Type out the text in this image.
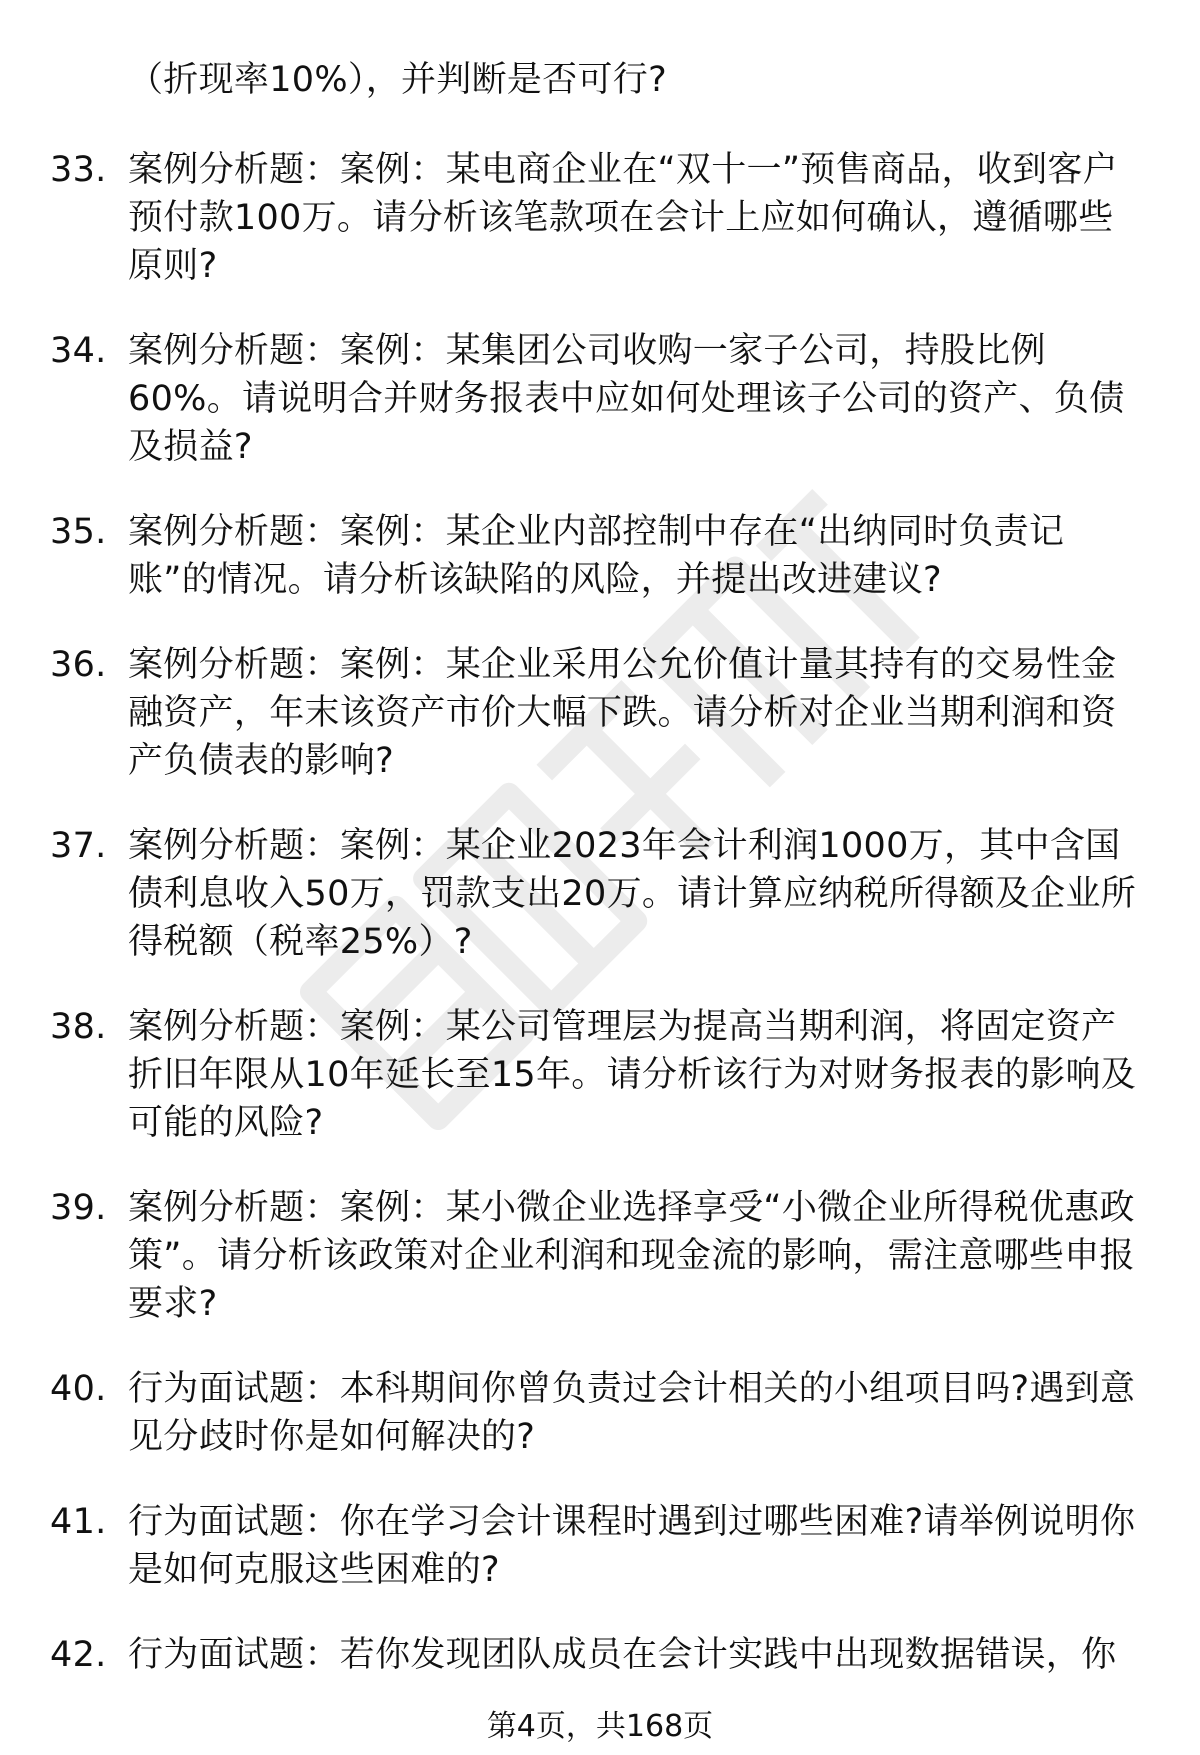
（折现率10%），并判断是否可行?
33. 案例分析题：案例：某电商企业在“双十一”预售商品，收到客户预付款100万。请分析该笔款项在会计上应如何确认，遵循哪些原则?
34. 案例分析题：案例：某集团公司收购一家子公司，持股比例60%。请说明合并财务报表中应如何处理该子公司的资产、负债及损益?
35. 案例分析题：案例：某企业内部控制中存在“出纳同时负责记账”的情况。请分析该缺陷的风险，并提出改进建议?
36. 案例分析题：案例：某企业采用公允价值计量其持有的交易性金融资产，年末该资产市价大幅下跌。请分析对企业当期利润和资产负债表的影响?
37. 案例分析题：案例：某企业2023年会计利润1000万，其中含国债利息收入50万，罚款支出20万。请计算应纳税所得额及企业所得税额（税率25%）?
38. 案例分析题：案例：某公司管理层为提高当期利润，将固定资产折旧年限从10年延长至15年。请分析该行为对财务报表的影响及可能的风险?
39. 案例分析题：案例：某小微企业选择享受“小微企业所得税优惠政策”。请分析该政策对企业利润和现金流的影响，需注意哪些申报要求?
40. 行为面试题：本科期间你曾负责过会计相关的小组项目吗?遇到意见分歧时你是如何解决的?
41. 行为面试题：你在学习会计课程时遇到过哪些困难?请举例说明你是如何克服这些困难的?
42. 行为面试题：若你发现团队成员在会计实践中出现数据错误，你
第4页，共168页
